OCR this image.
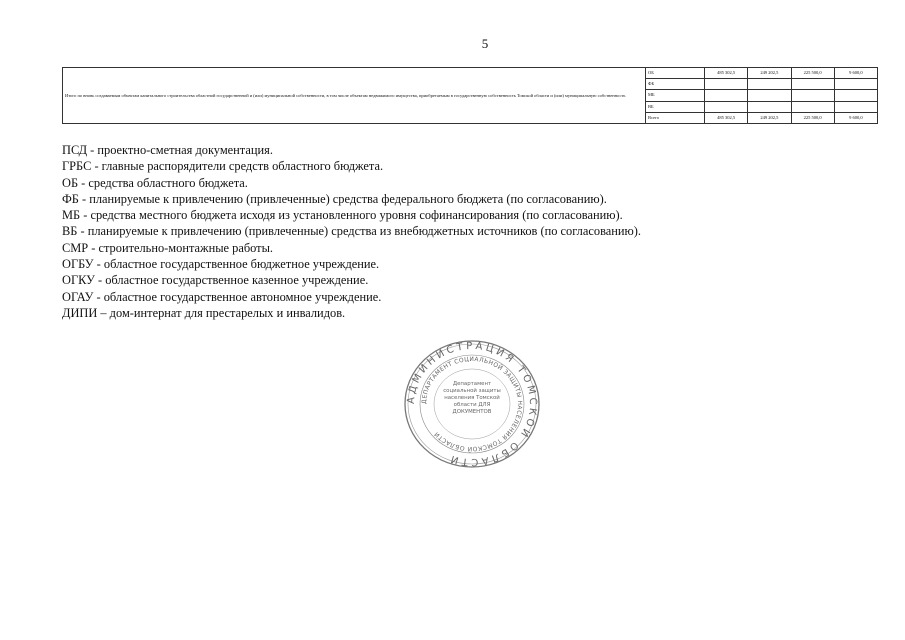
5
Итого по вновь создаваемым объектам капитального строительства областной государственной и (или) муниципальной собственности, в том числе объектам недвижимого имущества, приобретаемым в государственную собственность Томской области и (или) муниципальную собственность	ОБ	485 302,5	249 202,5	225 500,0	9 600,0
	ФБ				
	МБ				
	ВБ				
	Всего	485 302,5	249 202,5	225 500,0	9 600,0
ПСД - проектно-сметная документация.
ГРБС - главные распорядители средств областного бюджета.
ОБ - средства областного бюджета.
ФБ - планируемые к привлечению (привлеченные) средства федерального бюджета (по согласованию).
МБ - средства местного бюджета исходя из установленного уровня софинансирования (по согласованию).
ВБ - планируемые к привлечению (привлеченные) средства из внебюджетных источников (по согласованию).
СМР - строительно-монтажные работы.
ОГБУ - областное государственное бюджетное учреждение.
ОГКУ - областное государственное казенное учреждение.
ОГАУ - областное государственное автономное учреждение.
ДИПИ – дом-интернат для престарелых и инвалидов.
АДМИНИСТРАЦИЯ ТОМСКОЙ ОБЛАСТИ
ДЕПАРТАМЕНТ СОЦИАЛЬНОЙ ЗАЩИТЫ НАСЕЛЕНИЯ ТОМСКОЙ ОБЛАСТИ
Департамент социальной защиты населения Томской области ДЛЯ ДОКУМЕНТОВ
